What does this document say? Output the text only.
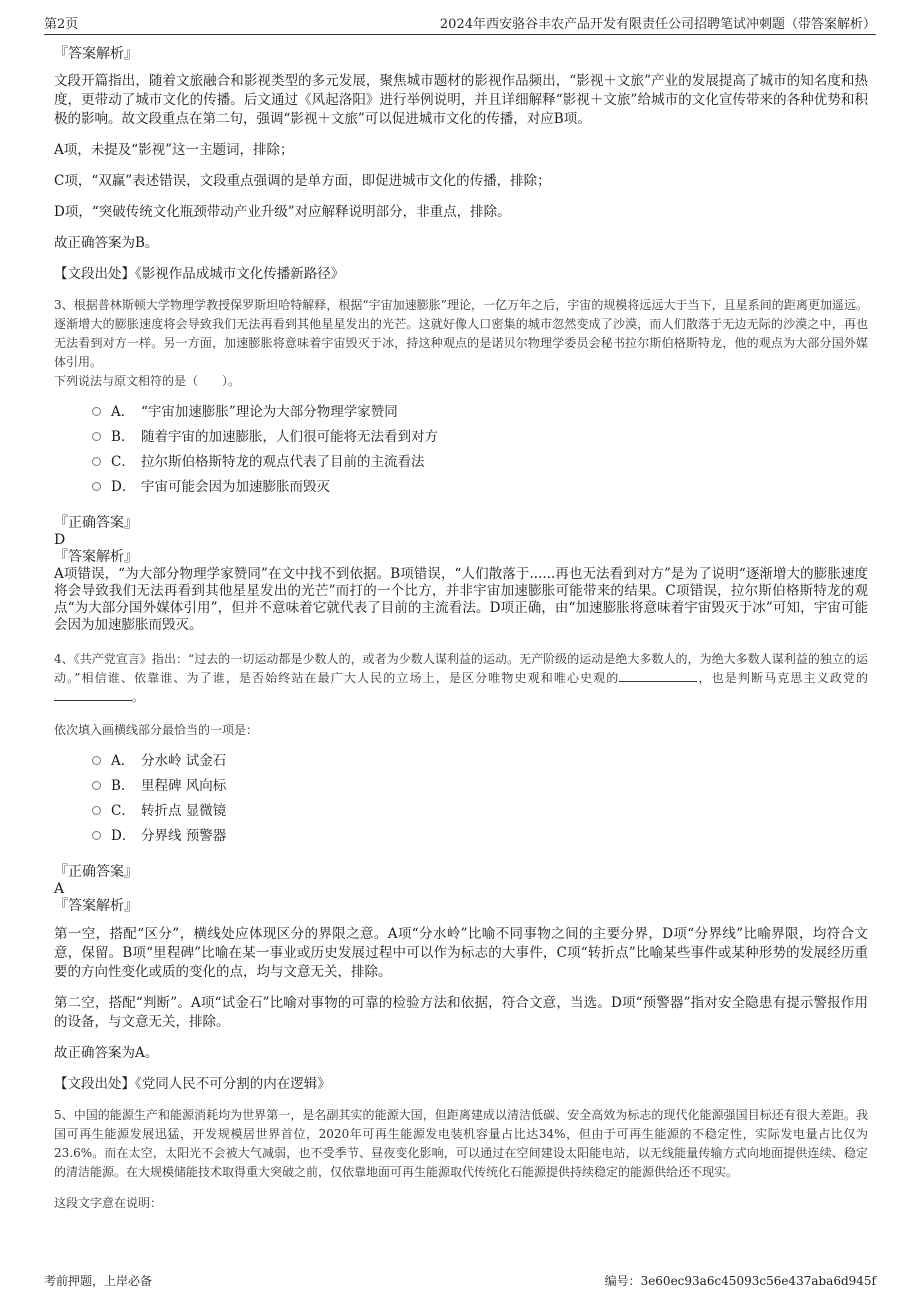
第2页	2024年西安骆谷丰农产品开发有限责任公司招聘笔试冲刺题（带答案解析）

『答案解析』

文段开篇指出，随着文旅融合和影视类型的多元发展，聚焦城市题材的影视作品频出，“影视＋文旅”产业的发展提高了城市的知名度和热度，更带动了城市文化的传播。后文通过《风起洛阳》进行举例说明，并且详细解释“影视＋文旅”给城市的文化宣传带来的各种优势和积极的影响。故文段重点在第二句，强调“影视＋文旅”可以促进城市文化的传播，对应B项。

A项，未提及“影视”这一主题词，排除；

C项，“双赢”表述错误，文段重点强调的是单方面，即促进城市文化的传播，排除；

D项，“突破传统文化瓶颈带动产业升级”对应解释说明部分，非重点，排除。

故正确答案为B。

【文段出处】《影视作品成城市文化传播新路径》

3、根据普林斯顿大学物理学教授保罗斯坦哈特解释，根据“宇宙加速膨胀”理论，一亿万年之后，宇宙的规模将远远大于当下，且星系间的距离更加遥远。逐渐增大的膨胀速度将会导致我们无法再看到其他星星发出的光芒。这就好像人口密集的城市忽然变成了沙漠，而人们散落于无边无际的沙漠之中，再也无法看到对方一样。另一方面，加速膨胀将意味着宇宙毁灭于冰，持这种观点的是诺贝尔物理学委员会秘书拉尔斯伯格斯特龙，他的观点为大部分国外媒体引用。

下列说法与原文相符的是（　　）。

A． “宇宙加速膨胀”理论为大部分物理学家赞同
B． 随着宇宙的加速膨胀，人们很可能将无法看到对方
C． 拉尔斯伯格斯特龙的观点代表了目前的主流看法
D． 宇宙可能会因为加速膨胀而毁灭

『正确答案』

D

『答案解析』

A项错误，“为大部分物理学家赞同”在文中找不到依据。B项错误，“人们散落于......再也无法看到对方”是为了说明“逐渐增大的膨胀速度将会导致我们无法再看到其他星星发出的光芒”而打的一个比方，并非宇宙加速膨胀可能带来的结果。C项错误，拉尔斯伯格斯特龙的观点“为大部分国外媒体引用”，但并不意味着它就代表了目前的主流看法。D项正确，由“加速膨胀将意味着宇宙毁灭于冰”可知，宇宙可能会因为加速膨胀而毁灭。

4、《共产党宣言》指出：“过去的一切运动都是少数人的，或者为少数人谋利益的运动。无产阶级的运动是绝大多数人的，为绝大多数人谋利益的独立的运动。”相信谁、依靠谁、为了谁，是否始终站在最广大人民的立场上，是区分唯物史观和唯心史观的	，也是判断马克思主义政党的。

依次填入画横线部分最恰当的一项是：

A． 分水岭 试金石
B． 里程碑 风向标
C． 转折点 显微镜
D． 分界线 预警器

『正确答案』

A

『答案解析』

第一空，搭配“区分”，横线处应体现区分的界限之意。A项“分水岭”比喻不同事物之间的主要分界，D项“分界线”比喻界限，均符合文意，保留。B项“里程碑”比喻在某一事业或历史发展过程中可以作为标志的大事件，C项“转折点”比喻某些事件或某种形势的发展经历重要的方向性变化或质的变化的点，均与文意无关，排除。

第二空，搭配“判断”。A项“试金石”比喻对事物的可靠的检验方法和依据，符合文意，当选。D项“预警器”指对安全隐患有提示警报作用的设备，与文意无关，排除。

故正确答案为A。

【文段出处】《党同人民不可分割的内在逻辑》

5、中国的能源生产和能源消耗均为世界第一，是名副其实的能源大国，但距离建成以清洁低碳、安全高效为标志的现代化能源强国目标还有很大差距。我国可再生能源发展迅猛，开发规模居世界首位，2020年可再生能源发电装机容量占比达34%，但由于可再生能源的不稳定性，实际发电量占比仅为23.6%。而在太空，太阳光不会被大气减弱，也不受季节、昼夜变化影响，可以通过在空间建设太阳能电站，以无线能量传输方式向地面提供连续、稳定的清洁能源。在大规模储能技术取得重大突破之前，仅依靠地面可再生能源取代传统化石能源提供持续稳定的能源供给还不现实。

这段文字意在说明：

考前押题，上岸必备	编号：3e60ec93a6c45093c56e437aba6d945f
